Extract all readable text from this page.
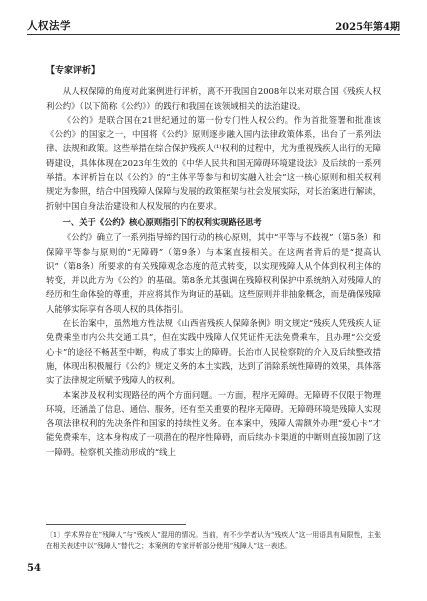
人权法学	2025年第4期
【专家评析】

从人权保障的角度对此案例进行评析，离不开我国自2008年以来对联合国《残疾人权利公约》（以下简称《公约》）的践行和我国在该领域相关的法治建设。

《公约》是联合国在21世纪通过的第一份专门性人权公约。作为首批签署和批准该《公约》的国家之一，中国将《公约》原则逐步融入国内法律政策体系，出台了一系列法律、法规和政策。这些举措在综合保护残疾人⁽¹⁾权利的过程中，尤为重视残疾人出行的无障碍建设，具体体现在2023年生效的《中华人民共和国无障碍环境建设法》及后续的一系列举措。本评析旨在以《公约》的“主体平等参与和切实融入社会”这一核心原则和相关权利规定为参照，结合中国残障人保障与发展的政策框架与社会发展实际，对长治案进行解读，折射中国自身法治建设和人权发展的内在要求。

一、关于《公约》核心原则指引下的权利实现路径思考

《公约》确立了一系列指导缔约国行动的核心原则，其中“平等与不歧视”（第5条）和保障平等参与原则的“无障碍”（第9条）与本案直接相关。在这两者背后的是“提高认识”（第8条）所要求的有关残障观念态度的范式转变，以实现残障人从个体到权利主体的转变，并以此方为《公约》的基础。第8条尤其强调在残障权利保护中系统纳入对残障人的经历和生命体验的尊重，并应将其作为询证的基础。这些原则并非抽象概念，而是确保残障人能够实际享有各项人权的具体指引。

在长治案中，虽然地方性法规《山西省残疾人保障条例》明文规定“残疾人凭残疾人证免费乘坐市内公共交通工具”，但在实践中残障人仅凭证件无法免费乘车，且办理“公交爱心卡”的途径不畅甚至中断，构成了事实上的障碍。长治市人民检察院的介入及后续整改措施，体现出积极履行《公约》规定义务的本土实践，达到了消除系统性障碍的效果，具体落实了法律规定所赋予残障人的权利。

本案涉及权利实现路径的两个方面问题。一方面，程序无障碍。无障碍不仅限于物理环境，还涵盖了信息、通信、服务，还有至关重要的程序无障碍。无障碍环境是残障人实现各项法律权利的先决条件和国家的持续性义务。在本案中，残障人需额外办理“爱心卡”才能免费乘车，这本身构成了一项潜在的程序性障碍，而后续办卡渠道的中断则直接加剧了这一障碍。检察机关推动形成的“线上

〔1〕学术界存在“残障人”与“残疾人”混用的情况。当前，有不少学者认为“残疾人”这一用语具有局限性，主张在相关表述中以“残障人”替代之；本案例的专家评析部分使用“残障人”这一表述。
54
